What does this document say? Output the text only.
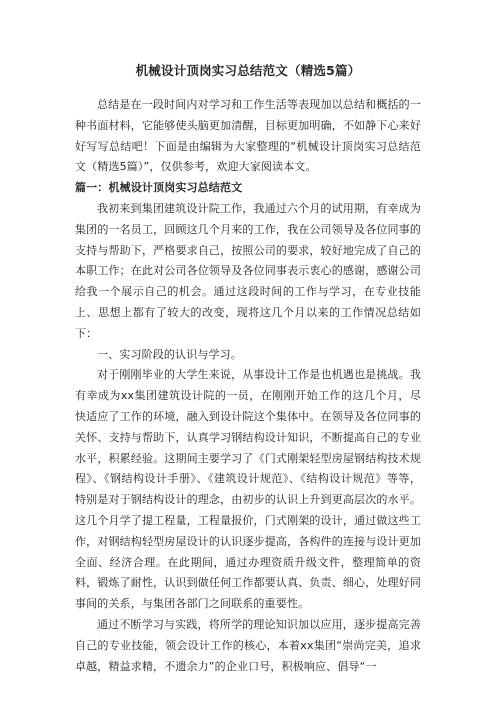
机械设计顶岗实习总结范文（精选5篇）

总结是在一段时间内对学习和工作生活等表现加以总结和概括的一种书面材料，它能够使头脑更加清醒，目标更加明确，不如静下心来好好写写总结吧！下面是由编辑为大家整理的“机械设计顶岗实习总结范文（精选5篇）”，仅供参考，欢迎大家阅读本文。

篇一：机械设计顶岗实习总结范文

我初来到集团建筑设计院工作，我通过六个月的试用期，有幸成为集团的一名员工，回顾这几个月来的工作，我在公司领导及各位同事的支持与帮助下，严格要求自己，按照公司的要求，较好地完成了自己的本职工作；在此对公司各位领导及各位同事表示衷心的感谢，感谢公司给我一个展示自己的机会。通过这段时间的工作与学习，在专业技能上、思想上都有了较大的改变，现将这几个月以来的工作情况总结如下：

一、实习阶段的认识与学习。

对于刚刚毕业的大学生来说，从事设计工作是也机遇也是挑战。我有幸成为xx集团建筑设计院的一员，在刚刚开始工作的这几个月，尽快适应了工作的环境，融入到设计院这个集体中。在领导及各位同事的关怀、支持与帮助下，认真学习钢结构设计知识，不断提高自己的专业水平，积累经验。这期间主要学习了《门式刚架轻型房屋钢结构技术规程》、《钢结构设计手册》、《建筑设计规范》、《结构设计规范》等等，特别是对于钢结构设计的理念，由初步的认识上升到更高层次的水平。这几个月学了提工程量，工程量报价，门式刚架的设计，通过做这些工作，对钢结构轻型房屋设计的认识逐步提高，各构件的连接与设计更加全面、经济合理。在此期间，通过办理资质升级文件，整理简单的资料，锻炼了耐性，认识到做任何工作都要认真、负责、细心，处理好同事间的关系，与集团各部门之间联系的重要性。

通过不断学习与实践，将所学的理论知识加以应用，逐步提高完善自己的专业技能，领会设计工作的核心，本着xx集团“崇尚完美，追求卓越，精益求精，不遗余力”的企业口号，积极响应、倡导“一
